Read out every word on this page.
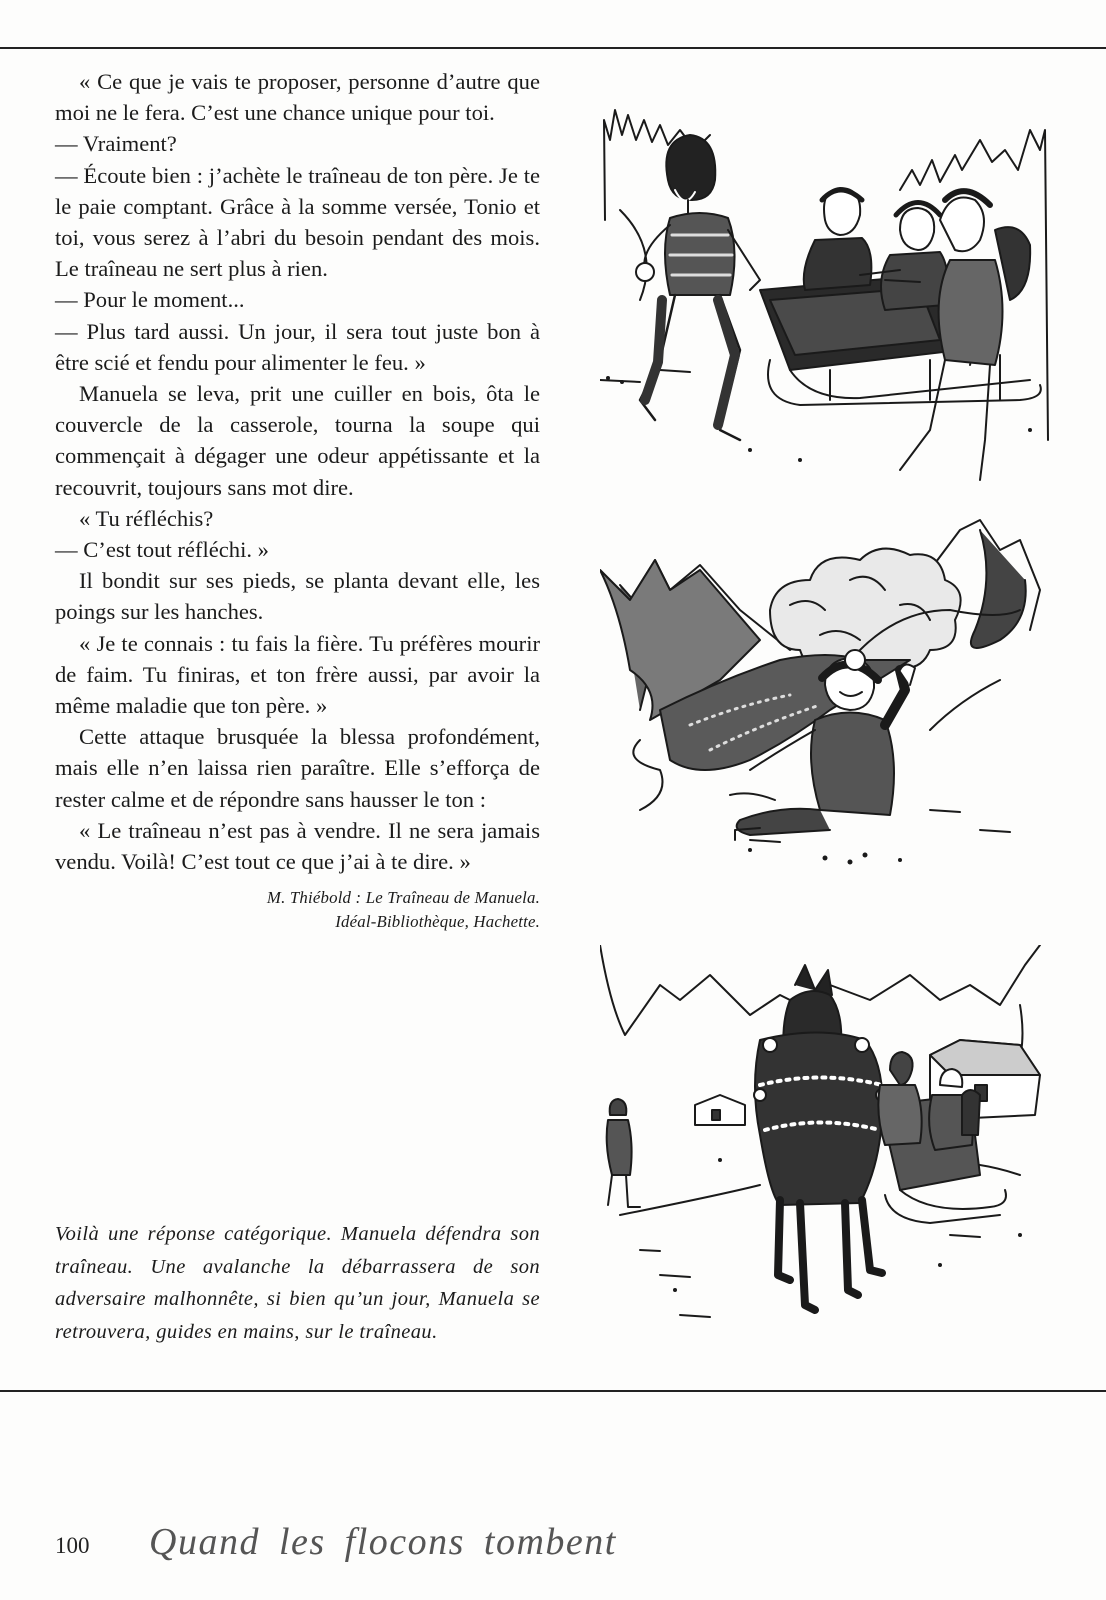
« Ce que je vais te proposer, personne d’autre que moi ne le fera. C’est une chance unique pour toi.

— Vraiment?

— Écoute bien : j’achète le traîneau de ton père. Je te le paie comptant. Grâce à la somme versée, Tonio et toi, vous serez à l’abri du besoin pendant des mois. Le traîneau ne sert plus à rien.

— Pour le moment...

— Plus tard aussi. Un jour, il sera tout juste bon à être scié et fendu pour alimenter le feu. »

Manuela se leva, prit une cuiller en bois, ôta le couvercle de la casserole, tourna la soupe qui commençait à dégager une odeur appétissante et la recouvrit, toujours sans mot dire.

« Tu réfléchis?

— C’est tout réfléchi. »

Il bondit sur ses pieds, se planta devant elle, les poings sur les hanches.

« Je te connais : tu fais la fière. Tu préfères mourir de faim. Tu finiras, et ton frère aussi, par avoir la même maladie que ton père. »

Cette attaque brusquée la blessa profondément, mais elle n’en laissa rien paraître. Elle s’efforça de rester calme et de répondre sans hausser le ton :

« Le traîneau n’est pas à vendre. Il ne sera jamais vendu. Voilà! C’est tout ce que j’ai à te dire. »

M. Thiébold : Le Traîneau de Manuela.
Idéal-Bibliothèque, Hachette.
Voilà une réponse catégorique. Manuela défendra son traîneau. Une avalanche la débarrassera de son adversaire malhonnête, si bien qu’un jour, Manuela se retrouvera, guides en mains, sur le traîneau.
100 Quand les flocons tombent
